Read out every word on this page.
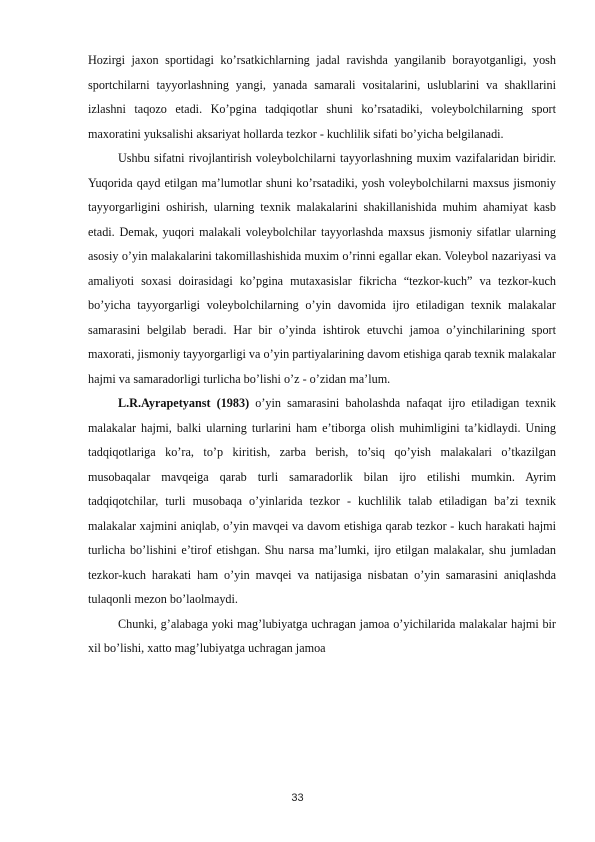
Hozirgi jaxon sportidagi ko’rsatkichlarning jadal ravishda yangilanib borayotganligi, yosh sportchilarni tayyorlashning yangi, yanada samarali vositalarini, uslublarini va shakllarini izlashni taqozo etadi. Ko’pgina tadqiqotlar shuni ko’rsatadiki, voleybolchilarning sport maxoratini yuksalishi aksariyat hollarda tezkor - kuchlilik sifati bo’yicha belgilanadi.

Ushbu sifatni rivojlantirish voleybolchilarni tayyorlashning muxim vazifalaridan biridir. Yuqorida qayd etilgan ma’lumotlar shuni ko’rsatadiki, yosh voleybolchilarni maxsus jismoniy tayyorgarligini oshirish, ularning texnik malakalarini shakillanishida muhim ahamiyat kasb etadi. Demak, yuqori malakali voleybolchilar tayyorlashda maxsus jismoniy sifatlar ularning asosiy o’yin malakalarini takomillashishida muxim o’rinni egallar ekan. Voleybol nazariyasi va amaliyoti soxasi doirasidagi ko’pgina mutaxasislar fikricha “tezkor-kuch” va tezkor-kuch bo’yicha tayyorgarligi voleybolchilarning o’yin davomida ijro etiladigan texnik malakalar samarasini belgilab beradi. Har bir o’yinda ishtirok etuvchi jamoa o’yinchilarining sport maxorati, jismoniy tayyorgarligi va o’yin partiyalarining davom etishiga qarab texnik malakalar hajmi va samaradorligi turlicha bo’lishi o’z - o’zidan ma’lum.

L.R.Ayrapetyanst (1983) o’yin samarasini baholashda nafaqat ijro etiladigan texnik malakalar hajmi, balki ularning turlarini ham e’tiborga olish muhimligini ta’kidlaydi. Uning tadqiqotlariga ko’ra, to’p kiritish, zarba berish, to’siq qo’yish malakalari o’tkazilgan musobaqalar mavqeiga qarab turli samaradorlik bilan ijro etilishi mumkin. Ayrim tadqiqotchilar, turli musobaqa o’yinlarida tezkor - kuchlilik talab etiladigan ba’zi texnik malakalar xajmini aniqlab, o’yin mavqei va davom etishiga qarab tezkor - kuch harakati hajmi turlicha bo’lishini e’tirof etishgan. Shu narsa ma’lumki, ijro etilgan malakalar, shu jumladan tezkor-kuch harakati ham o’yin mavqei va natijasiga nisbatan o’yin samarasini aniqlashda tulaqonli mezon bo’laolmaydi.

Chunki, g’alabaga yoki mag’lubiyatga uchragan jamoa o’yichilarida malakalar hajmi bir xil bo’lishi, xatto mag’lubiyatga uchragan jamoa

33
